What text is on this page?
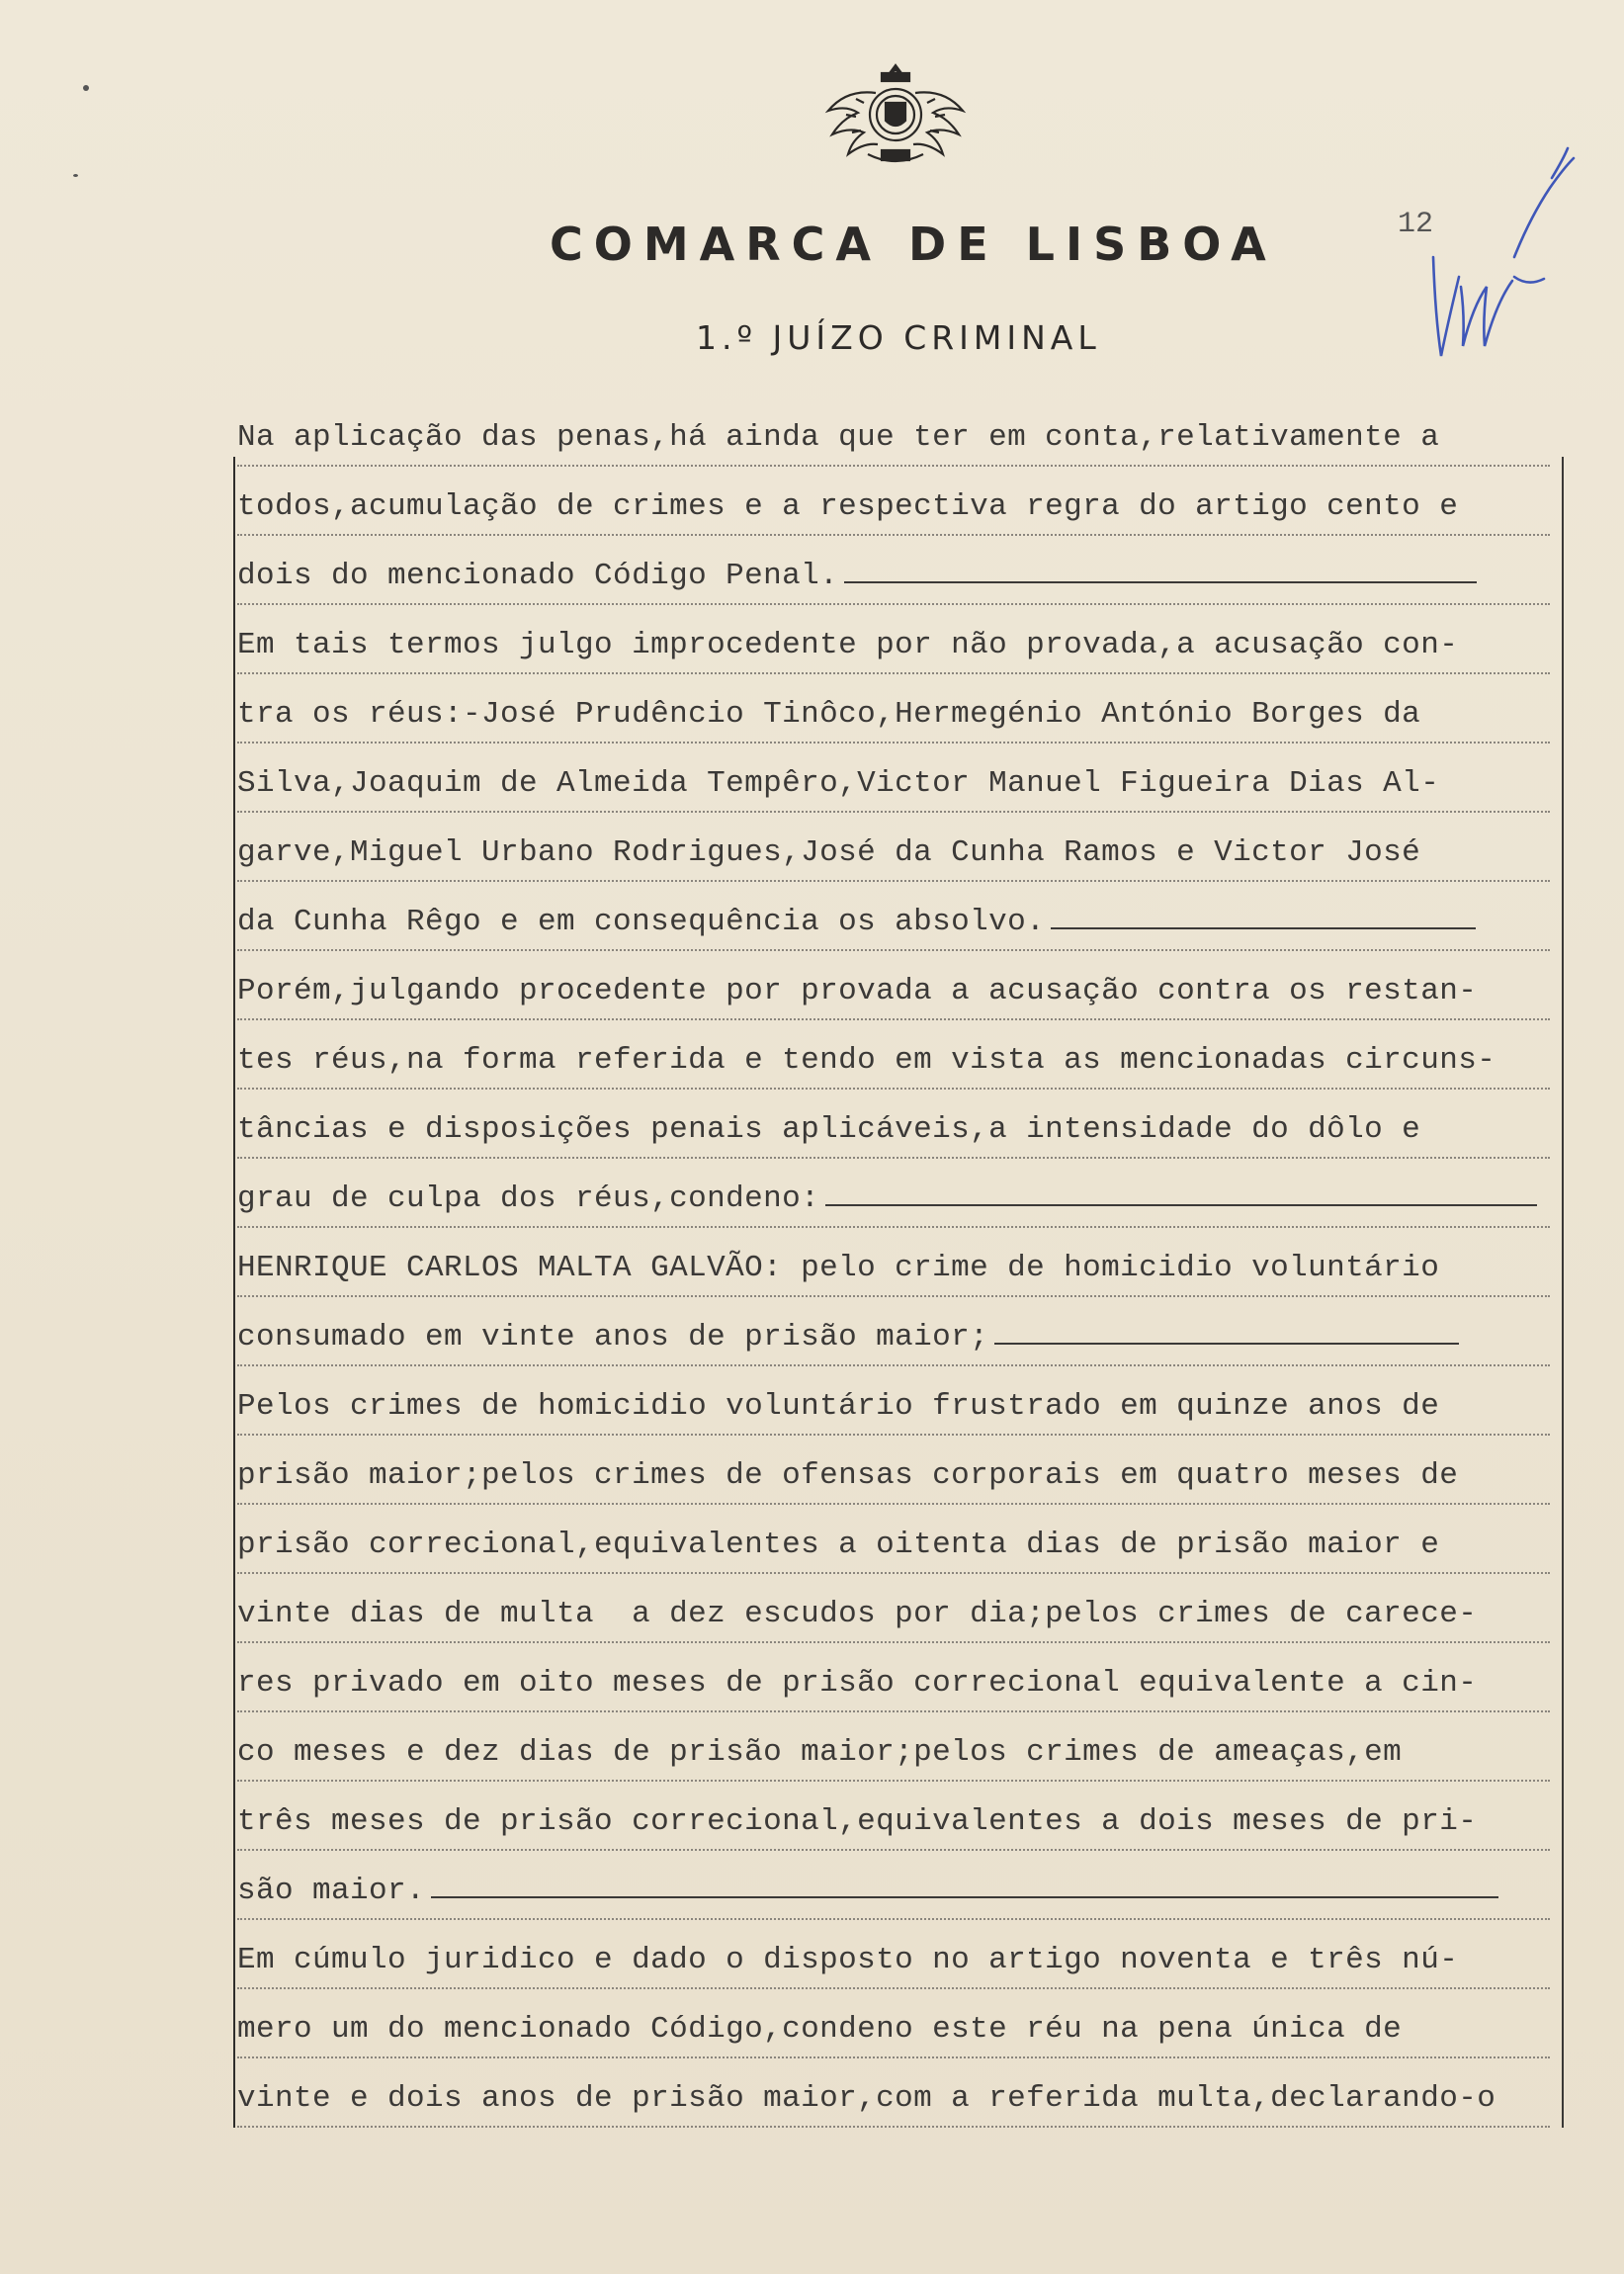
COMARCA DE LISBOA
1.º JUÍZO CRIMINAL
12

Na aplicação das penas,há ainda que ter em conta,relativamente a
todos,acumulação de crimes e a respectiva regra do artigo cento e
dois do mencionado Código Penal.
Em tais termos julgo improcedente por não provada,a acusação con-
tra os réus:-José Prudêncio Tinôco,Hermegénio António Borges da
Silva,Joaquim de Almeida Tempêro,Victor Manuel Figueira Dias Al-
garve,Miguel Urbano Rodrigues,José da Cunha Ramos e Victor José
da Cunha Rêgo e em consequência os absolvo.
Porém,julgando procedente por provada a acusação contra os restan-
tes réus,na forma referida e tendo em vista as mencionadas circuns-
tâncias e disposições penais aplicáveis,a intensidade do dôlo e
grau de culpa dos réus,condeno:
HENRIQUE CARLOS MALTA GALVÃO: pelo crime de homicidio voluntário
consumado em vinte anos de prisão maior;
Pelos crimes de homicidio voluntário frustrado em quinze anos de
prisão maior;pelos crimes de ofensas corporais em quatro meses de
prisão correcional,equivalentes a oitenta dias de prisão maior e
vinte dias de multa  a dez escudos por dia;pelos crimes de carece-
res privado em oito meses de prisão correcional equivalente a cin-
co meses e dez dias de prisão maior;pelos crimes de ameaças,em
três meses de prisão correcional,equivalentes a dois meses de pri-
são maior.
Em cúmulo juridico e dado o disposto no artigo noventa e três nú-
mero um do mencionado Código,condeno este réu na pena única de
vinte e dois anos de prisão maior,com a referida multa,declarando-o
